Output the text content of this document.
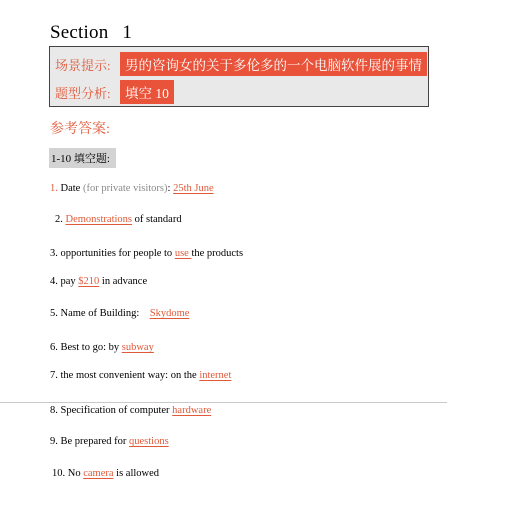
Section 1
场景提示:	男的咨询女的关于多伦多的一个电脑软件展的事情
题型分析:	填空 10
参考答案:
1-10 填空题:
1. Date (for private visitors): 25th June
2. Demonstrations of standard
3. opportunities for people to use the products
4. pay $210 in advance
5. Name of Building:    Skydome
6. Best to go: by subway
7. the most convenient way: on the internet
8. Specification of computer hardware
9. Be prepared for questions
10. No camera is allowed
